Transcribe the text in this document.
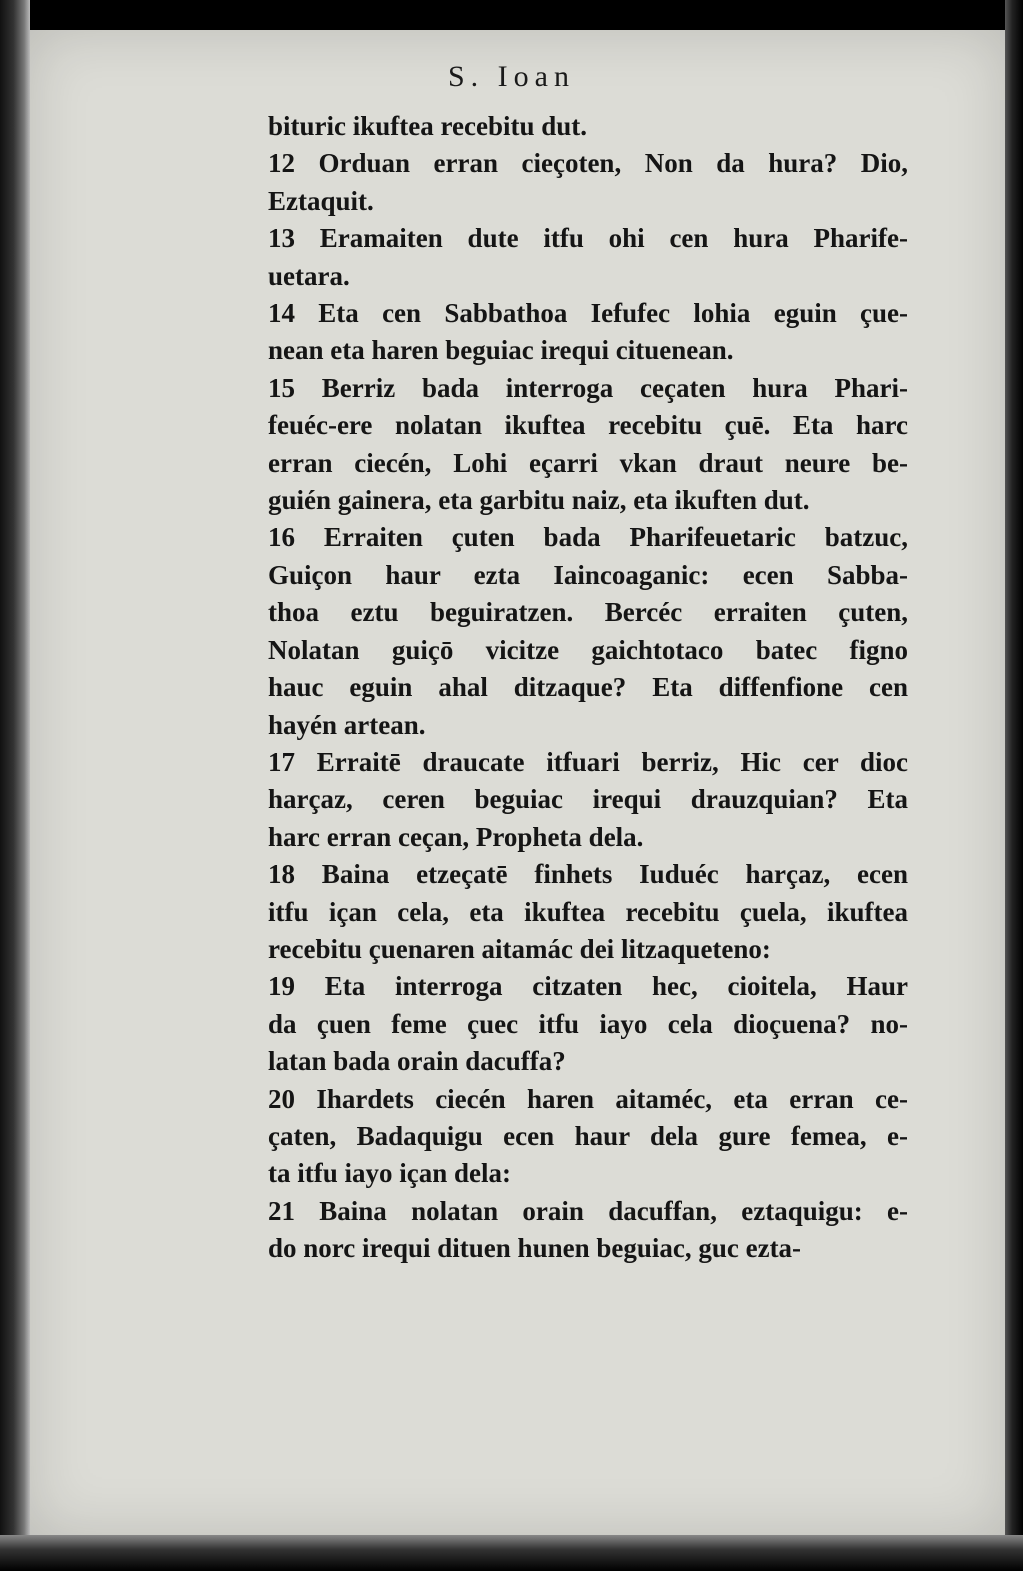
S. Ioan
bituric ikuftea recebitu dut.
12 Orduan erran cieçoten, Non da hura? Dio,
Eztaquit.
13 Eramaiten dute itfu ohi cen hura Pharife-
uetara.
14 Eta cen Sabbathoa Iefufec lohia eguin çue-
nean eta haren beguiac irequi cituenean.
15 Berriz bada interroga ceçaten hura Phari-
feuéc-ere nolatan ikuftea recebitu çuē. Eta harc
erran ciecén, Lohi eçarri vkan draut neure be-
guién gainera, eta garbitu naiz, eta ikuften dut.
16 Erraiten çuten bada Pharifeuetaric batzuc,
Guiçon haur ezta Iaincoaganic: ecen Sabba-
thoa eztu beguiratzen. Bercéc erraiten çuten,
Nolatan guiçō vicitze gaichtotaco batec figno
hauc eguin ahal ditzaque? Eta diffenfione cen
hayén artean.
17 Erraitē draucate itfuari berriz, Hic cer dioc
harçaz, ceren beguiac irequi drauzquian? Eta
harc erran ceçan, Propheta dela.
18 Baina etzeçatē finhets Iuduéc harçaz, ecen
itfu içan cela, eta ikuftea recebitu çuela, ikuftea
recebitu çuenaren aitamác dei litzaqueteno:
19 Eta interroga citzaten hec, cioitela, Haur
da çuen feme çuec itfu iayo cela dioçuena? no-
latan bada orain dacuffa?
20 Ihardets ciecén haren aitaméc, eta erran ce-
çaten, Badaquigu ecen haur dela gure femea, e-
ta itfu iayo içan dela:
21 Baina nolatan orain dacuffan, eztaquigu: e-
do norc irequi dituen hunen beguiac, guc ezta-
